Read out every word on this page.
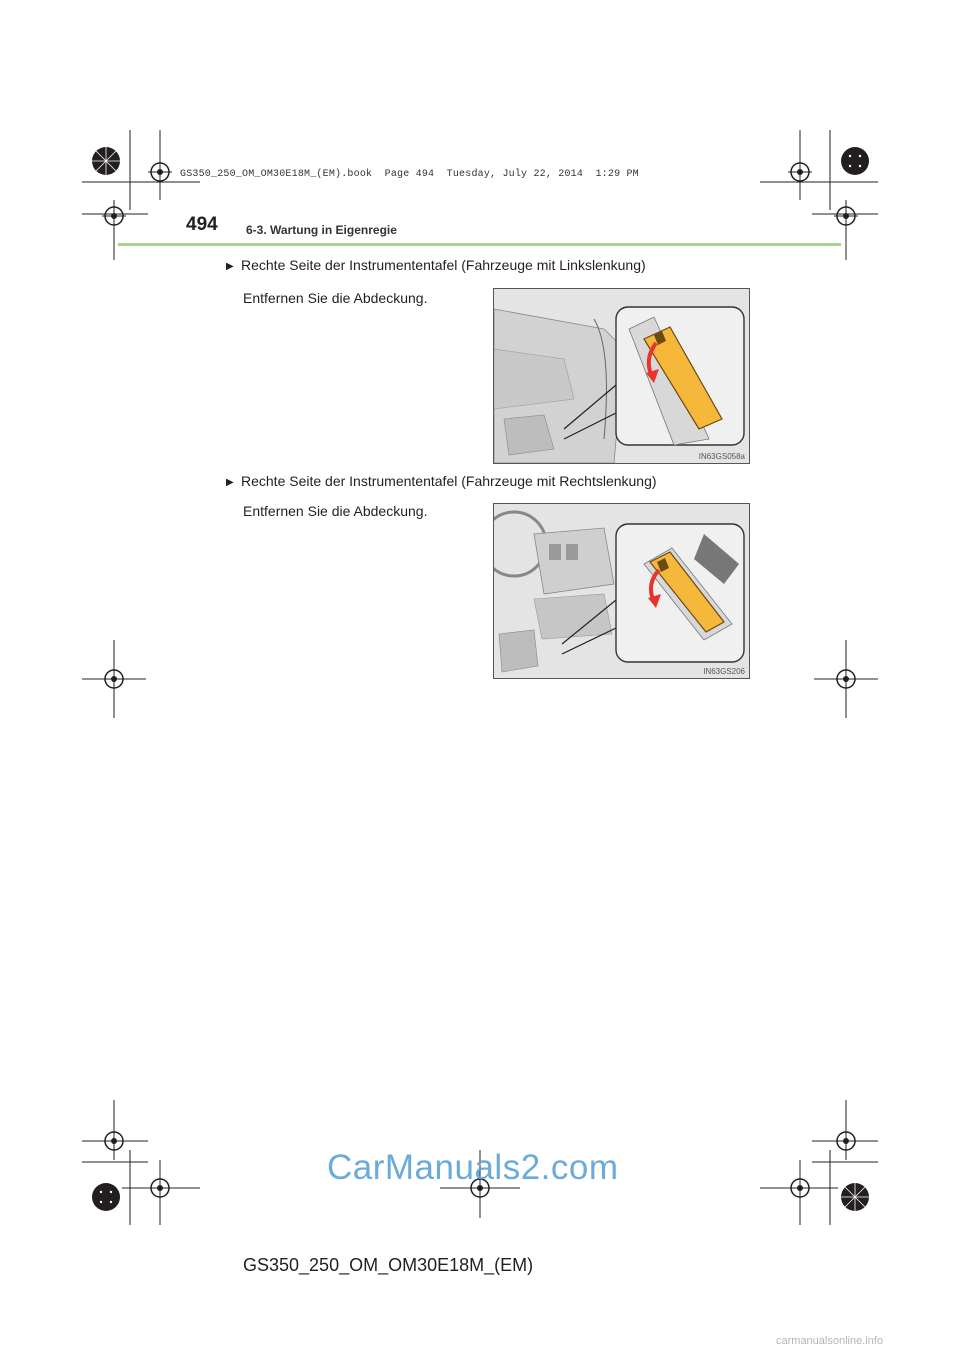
GS350_250_OM_OM30E18M_(EM).book  Page 494  Tuesday, July 22, 2014  1:29 PM
494 6-3. Wartung in Eigenregie
▶ Rechte Seite der Instrumententafel (Fahrzeuge mit Linkslenkung)
Entfernen Sie die Abdeckung.
IN63GS058a
▶ Rechte Seite der Instrumententafel (Fahrzeuge mit Rechtslenkung)
Entfernen Sie die Abdeckung.
IN63GS206
CarManuals2.com
GS350_250_OM_OM30E18M_(EM)
carmanualsonline.info
